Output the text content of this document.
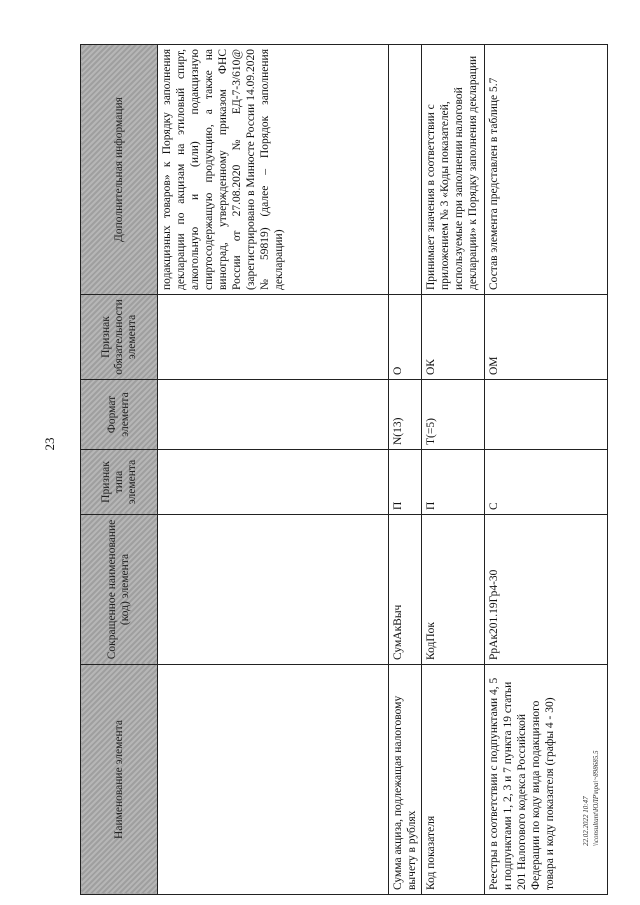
23
22.02.2022 10:47 \\consultant\ЮЛР\npa\~898685.5
Наименование элемента	Сокращенное наименование (код) элемента	Признак типа элемента	Формат элемента	Признак обязательности элемента	Дополнительная информация
					подакцизных товаров» к Порядку заполнения декларации по акцизам на этиловый спирт, алкогольную и (или) подакцизную спиртосодержащую продукцию, а также на виноград, утвержденному приказом ФНС России от 27.08.2020 № ЕД-7-3/610@ (зарегистрировано в Минюсте России 14.09.2020 № 59819) (далее – Порядок заполнения декларации)
Сумма акциза, подлежащая налоговому вычету в рублях	СумАкВыч	П	N(13)	О	
Код показателя	КодПок	П	T(=5)	ОК	Принимает значения в соответствии с приложением № 3 «Коды показателей, используемые при заполнении налоговой декларации» к Порядку заполнения декларации
Реестры в соответствии с подпунктами 4, 5 и подпунктами 1, 2, 3 и 7 пункта 19 статьи 201 Налогового кодекса Российской Федерации по коду вида подакцизного товара и коду показателя (графы 4 - 30)	РрАк201.19Гр4-30	С		ОМ	Состав элемента представлен в таблице 5.7
